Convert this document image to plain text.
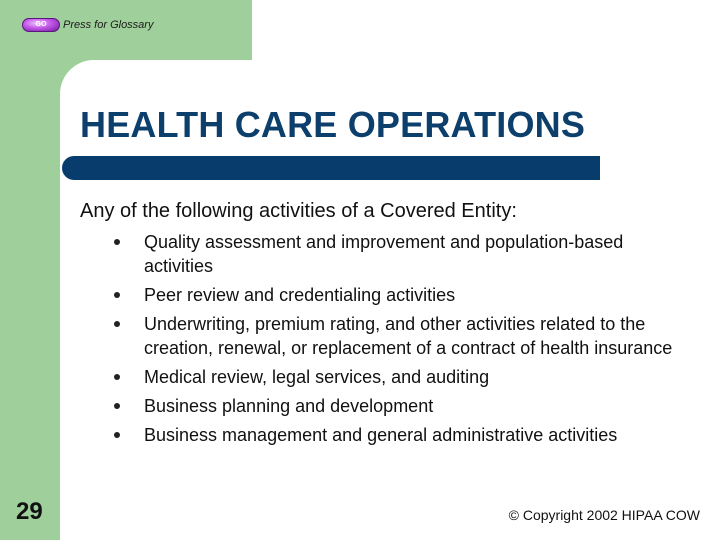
GO	Press for Glossary
HEALTH CARE OPERATIONS

Any of the following activities of a Covered Entity:

Quality assessment and improvement and population-based activities
Peer review and credentialing activities
Underwriting, premium rating, and other activities related to the creation, renewal, or replacement of a contract of health insurance
Medical review, legal services, and auditing
Business planning and development
Business management and general administrative activities

29	© Copyright 2002 HIPAA COW
